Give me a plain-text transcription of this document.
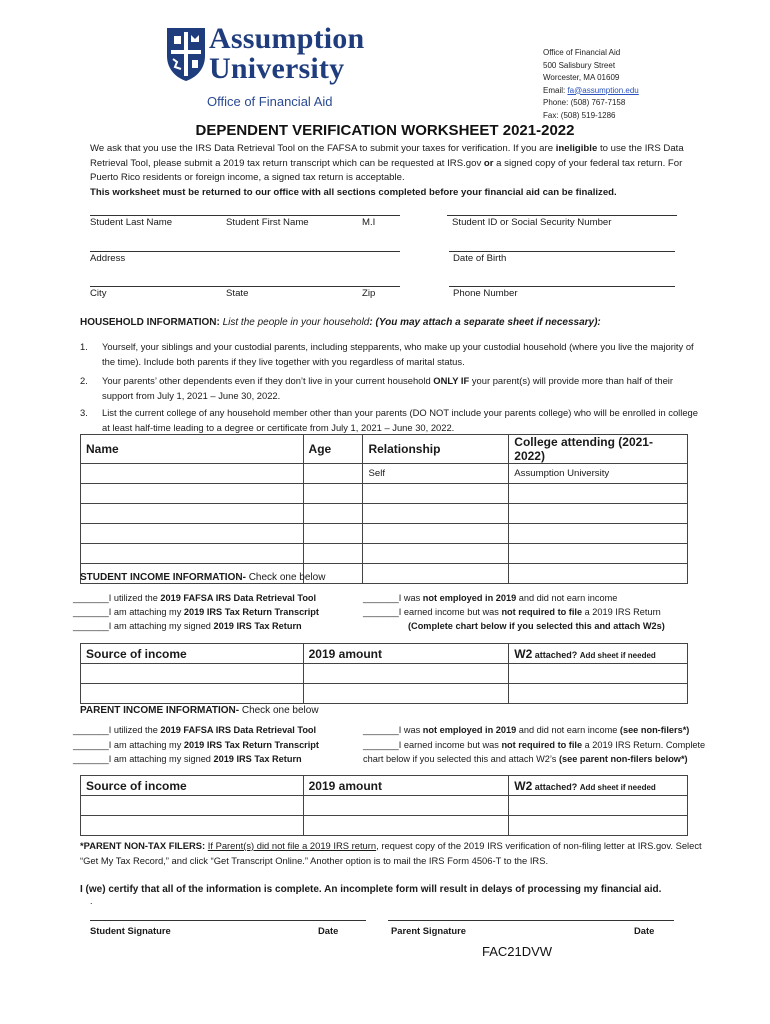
Assumption
University
Office of Financial Aid
Office of Financial Aid
500 Salisbury Street
Worcester, MA 01609
Email: fa@assumption.edu
Phone: (508) 767-7158
Fax: (508) 519-1286
DEPENDENT VERIFICATION WORKSHEET 2021-2022
We ask that you use the IRS Data Retrieval Tool on the FAFSA to submit your taxes for verification. If you are ineligible to use the IRS Data Retrieval Tool, please submit a 2019 tax return transcript which can be requested at IRS.gov or a signed copy of your federal tax return. For Puerto Rico residents or foreign income, a signed tax return is acceptable.
This worksheet must be returned to our office with all sections completed before your financial aid can be finalized.
Student Last Name	Student First Name	M.I	Student ID or Social Security Number
Address	Date of Birth
City	State	Zip	Phone Number
HOUSEHOLD INFORMATION: List the people in your household: (You may attach a separate sheet if necessary):
1. Yourself, your siblings and your custodial parents, including stepparents, who make up your custodial household (where you live the majority of the time). Include both parents if they live together with you regardless of marital status.
2. Your parents’ other dependents even if they don’t live in your current household ONLY IF your parent(s) will provide more than half of their support from July 1, 2021 – June 30, 2022.
3. List the current college of any household member other than your parents (DO NOT include your parents college) who will be enrolled in college at least half-time leading to a degree or certificate from July 1, 2021 – June 30, 2022.
Name	Age	Relationship	College attending (2021-2022)
		Self	Assumption University

STUDENT INCOME INFORMATION- Check one below
_______I utilized the 2019 FAFSA IRS Data Retrieval Tool
_______I am attaching my 2019 IRS Tax Return Transcript
_______I am attaching my signed 2019 IRS Tax Return
_______I was not employed in 2019 and did not earn income
_______I earned income but was not required to file a 2019 IRS Return
(Complete chart below if you selected this and attach W2s)
Source of income	2019 amount	W2 attached? Add sheet if needed

PARENT INCOME INFORMATION- Check one below
_______I utilized the 2019 FAFSA IRS Data Retrieval Tool
_______I am attaching my 2019 IRS Tax Return Transcript
_______I am attaching my signed 2019 IRS Tax Return
_______I was not employed in 2019 and did not earn income (see non-filers*)
_______I earned income but was not required to file a 2019 IRS Return. Complete
chart below if you selected this and attach W2’s (see parent non-filers below*)
Source of income	2019 amount	W2 attached? Add sheet if needed

*PARENT NON-TAX FILERS: If Parent(s) did not file a 2019 IRS return, request copy of the 2019 IRS verification of non-filing letter at IRS.gov. Select “Get My Tax Record,” and click “Get Transcript Online.” Another option is to mail the IRS Form 4506-T to the IRS.
I (we) certify that all of the information is complete. An incomplete form will result in delays of processing my financial aid.
.
Student Signature	Date	Parent Signature	Date
FAC21DVW
